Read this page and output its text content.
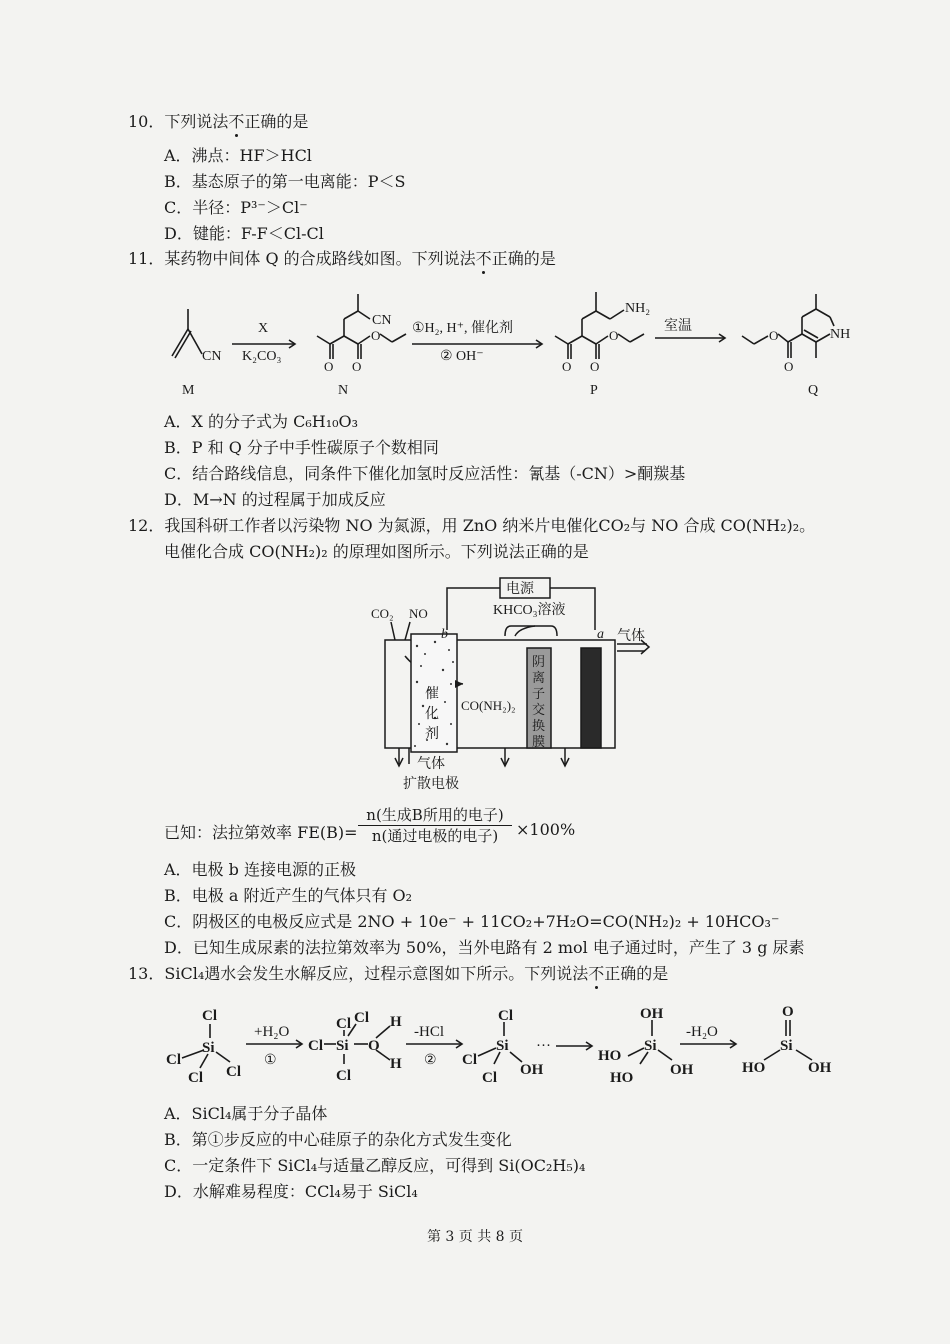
10．下列说法不正确的是
A．沸点：HF＞HCl
B．基态原子的第一电离能：P＜S
C．半径：P³⁻＞Cl⁻
D．键能：F-F＜Cl-Cl
11．某药物中间体 Q 的合成路线如图。下列说法不正确的是
CN
M
X
K₂CO₃
O O
O
CN
N
①H₂, H⁺, 催化剂
② OH⁻
O O
O
NH₂
P
室温
O
O
NH
Q
A．X 的分子式为 C₆H₁₀O₃
B．P 和 Q 分子中手性碳原子个数相同
C．结合路线信息，同条件下催化加氢时反应活性：氰基（-CN）>酮羰基
D．M→N 的过程属于加成反应
12．我国科研工作者以污染物 NO 为氮源，用 ZnO 纳米片电催化CO₂与 NO 合成 CO(NH₂)₂。
电催化合成 CO(NH₂)₂ 的原理如图所示。下列说法正确的是
电源
KHCO₃溶液
CO₂ NO
b	a 气体
催
化
剂
CO(NH₂)₂
阴
离
子
交
换
膜
气体
扩散电极
已知：法拉第效率 FE(B)=
n(生成B所用的电子)
n(通过电极的电子)	×100%
A．电极 b 连接电源的正极
B．电极 a 附近产生的气体只有 O₂
C．阴极区的电极反应式是 2NO + 10e⁻ + 11CO₂+7H₂O=CO(NH₂)₂ + 10HCO₃⁻
D．已知生成尿素的法拉第效率为 50%，当外电路有 2 mol 电子通过时，产生了 3 g 尿素
13．SiCl₄遇水会发生水解反应，过程示意图如下所示。下列说法不正确的是
Cl
Si
Cl
Cl Cl
Cl
Cl Cl
Si
Cl
O
H
H
Cl
Si
Cl
Cl OH
OH
Si
HO
HO OH
O
Si
HO	OH
+H₂O
①
-HCl
②
···
-H₂O
A．SiCl₄属于分子晶体
B．第①步反应的中心硅原子的杂化方式发生变化
C．一定条件下 SiCl₄与适量乙醇反应，可得到 Si(OC₂H₅)₄
D．水解难易程度：CCl₄易于 SiCl₄
第 3 页 共 8 页
